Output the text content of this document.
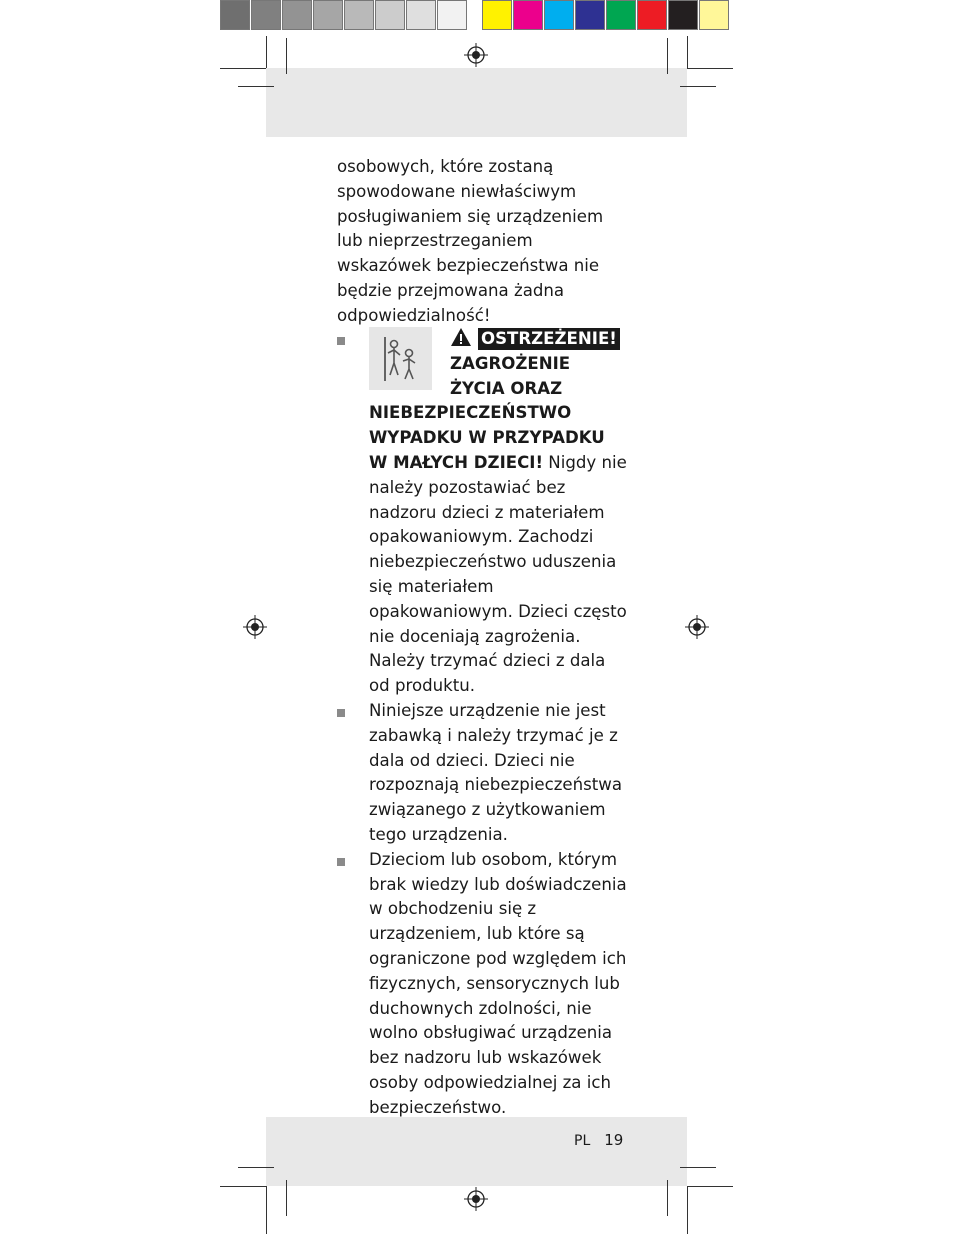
osobowych, które zostaną spowodowane niewłaściwym posługiwaniem się urządzeniem lub nieprzestrzeganiem wskazówek bezpieczeństwa nie będzie przejmowana żadna odpowiedzialność!

OSTRZEŻENIE! ZAGROŻENIE ŻYCIA ORAZ NIEBEZPIECZEŃSTWO WYPADKU W PRZYPADKU W MAŁYCH DZIECI! Nigdy nie należy pozostawiać bez nadzoru dzieci z materiałem opakowaniowym. Zachodzi niebezpieczeństwo uduszenia się materiałem opakowaniowym. Dzieci często nie doceniają zagrożenia. Należy trzymać dzieci z dala od produktu.
Niniejsze urządzenie nie jest zabawką i należy trzymać je z dala od dzieci. Dzieci nie rozpoznają niebezpieczeństwa związanego z użytkowaniem tego urządzenia.
Dzieciom lub osobom, którym brak wiedzy lub doświadczenia w obchodzeniu się z urządzeniem, lub które są ograniczone pod względem ich fizycznych, sensorycznych lub duchownych zdolności, nie wolno obsługiwać urządzenia bez nadzoru lub wskazówek osoby odpowiedzialnej za ich bezpieczeństwo.
PL 19
